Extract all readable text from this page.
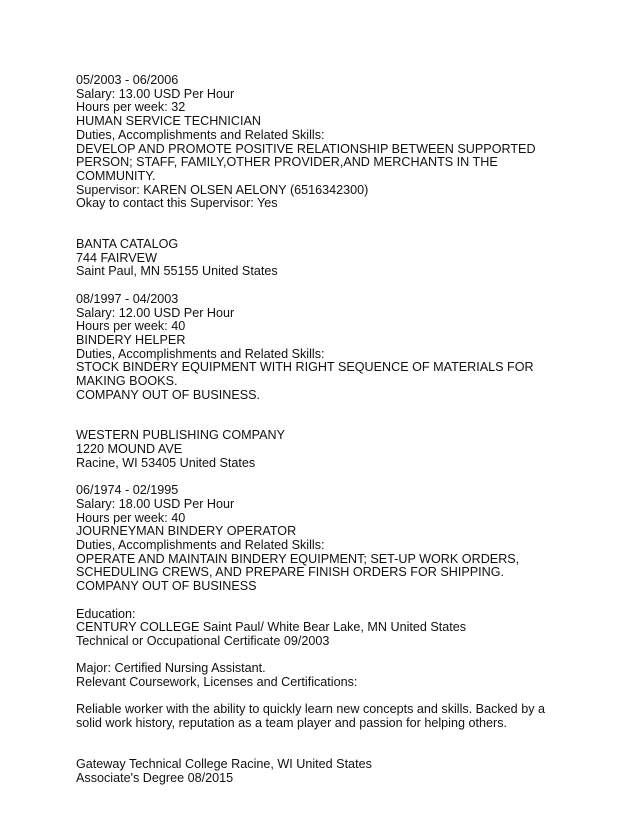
05/2003 - 06/2006
Salary: 13.00 USD Per Hour
Hours per week: 32
HUMAN SERVICE TECHNICIAN
Duties, Accomplishments and Related Skills:
DEVELOP AND PROMOTE POSITIVE RELATIONSHIP BETWEEN SUPPORTED PERSON; STAFF, FAMILY,OTHER PROVIDER,AND MERCHANTS IN THE COMMUNITY.
Supervisor: KAREN OLSEN AELONY (6516342300)
Okay to contact this Supervisor: Yes
BANTA CATALOG
744 FAIRVEW
Saint Paul, MN 55155 United States
08/1997 - 04/2003
Salary: 12.00 USD Per Hour
Hours per week: 40
BINDERY HELPER
Duties, Accomplishments and Related Skills:
STOCK BINDERY EQUIPMENT WITH RIGHT SEQUENCE OF MATERIALS FOR MAKING BOOKS.
COMPANY OUT OF BUSINESS.
WESTERN PUBLISHING COMPANY
1220 MOUND AVE
Racine, WI 53405 United States
06/1974 - 02/1995
Salary: 18.00 USD Per Hour
Hours per week: 40
JOURNEYMAN BINDERY OPERATOR
Duties, Accomplishments and Related Skills:
OPERATE AND MAINTAIN BINDERY EQUIPMENT; SET-UP WORK ORDERS, SCHEDULING CREWS, AND PREPARE FINISH ORDERS FOR SHIPPING.
COMPANY OUT OF BUSINESS
Education:
CENTURY COLLEGE Saint Paul/ White Bear Lake, MN United States
Technical or Occupational Certificate 09/2003
Major: Certified Nursing Assistant.
Relevant Coursework, Licenses and Certifications:
Reliable worker with the ability to quickly learn new concepts and skills. Backed by a solid work history, reputation as a team player and passion for helping others.
Gateway Technical College Racine, WI United States
Associate's Degree 08/2015
